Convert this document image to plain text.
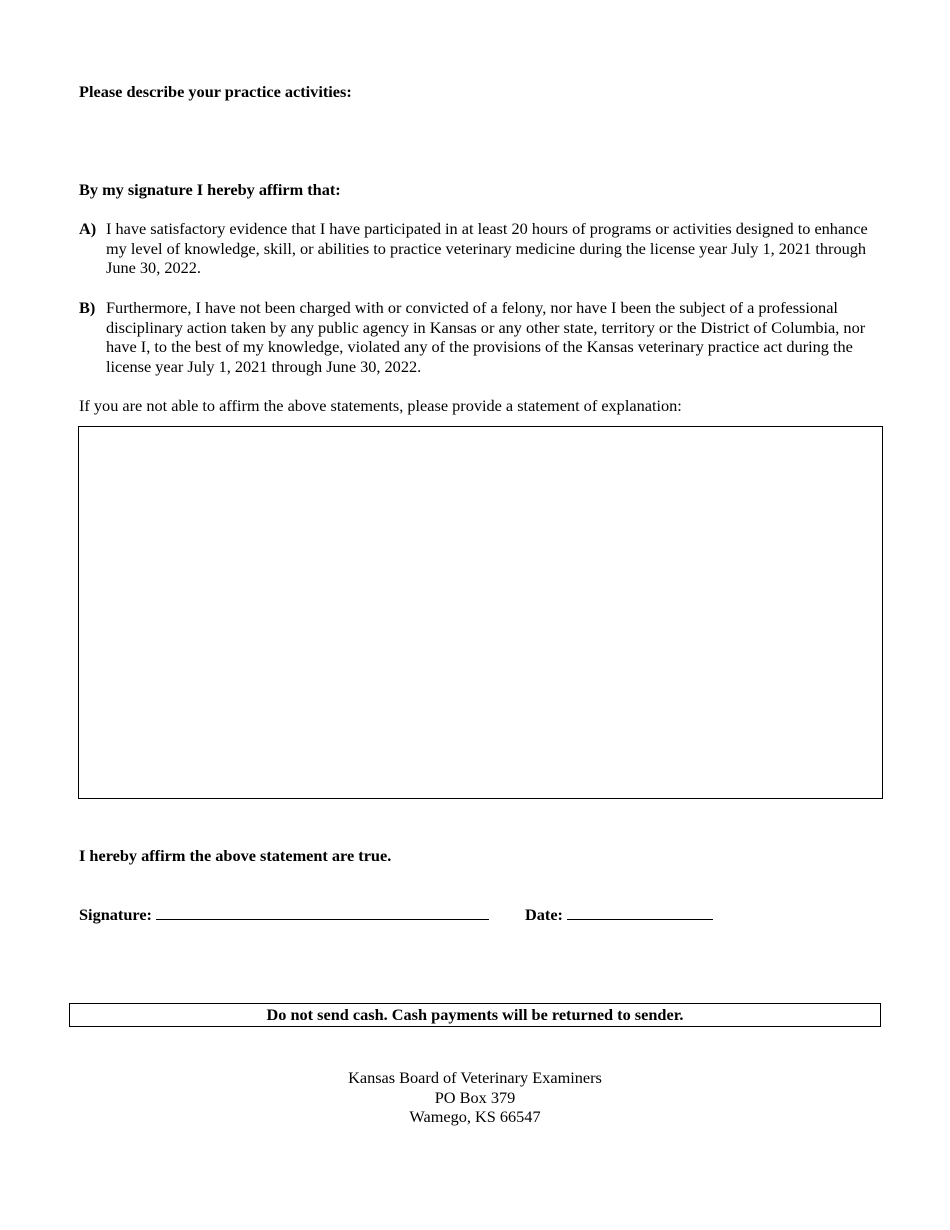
Please describe your practice activities:
By my signature I hereby affirm that:
A) I have satisfactory evidence that I have participated in at least 20 hours of programs or activities designed to enhance my level of knowledge, skill, or abilities to practice veterinary medicine during the license year July 1, 2021 through June 30, 2022.
B) Furthermore, I have not been charged with or convicted of a felony, nor have I been the subject of a professional disciplinary action taken by any public agency in Kansas or any other state, territory or the District of Columbia, nor have I, to the best of my knowledge, violated any of the provisions of the Kansas veterinary practice act during the license year July 1, 2021 through June 30, 2022.
If you are not able to affirm the above statements, please provide a statement of explanation:
I hereby affirm the above statement are true.
Signature:	Date:
Do not send cash. Cash payments will be returned to sender.
Kansas Board of Veterinary Examiners
PO Box 379
Wamego, KS 66547
